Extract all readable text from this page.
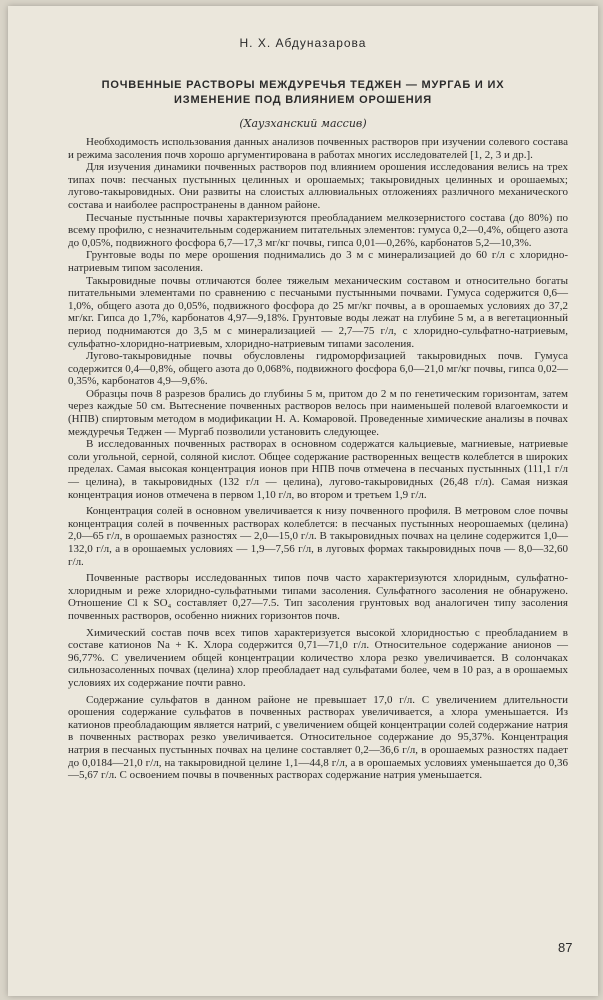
Н. Х. Абдуназарова
ПОЧВЕННЫЕ РАСТВОРЫ МЕЖДУРЕЧЬЯ ТЕДЖЕН — МУРГАБ И ИХ ИЗМЕНЕНИЕ ПОД ВЛИЯНИЕМ ОРОШЕНИЯ
(Хаузханский массив)

Необходимость использования данных анализов почвенных растворов при изучении солевого состава и режима засоления почв хорошо аргументирована в работах многих исследователей [1, 2, 3 и др.].

Для изучения динамики почвенных растворов под влиянием орошения исследования велись на трех типах почв: песчаных пустынных целинных и орошаемых; такыровидных целинных и орошаемых; лугово-такыровидных. Они развиты на слоистых аллювиальных отложениях различного механического состава и наиболее распространены в данном районе.

Песчаные пустынные почвы характеризуются преобладанием мелкозернистого состава (до 80%) по всему профилю, с незначительным содержанием питательных элементов: гумуса 0,2—0,4%, общего азота до 0,05%, подвижного фосфора 6,7—17,3 мг/кг почвы, гипса 0,01—0,26%, карбонатов 5,2—10,3%.

Грунтовые воды по мере орошения поднимались до 3 м с минерализацией до 60 г/л с хлоридно-натриевым типом засоления.

Такыровидные почвы отличаются более тяжелым механическим составом и относительно богаты питательными элементами по сравнению с песчаными пустынными почвами. Гумуса содержится 0,6—1,0%, общего азота до 0,05%, подвижного фосфора до 25 мг/кг почвы, а в орошаемых условиях до 37,2 мг/кг. Гипса до 1,7%, карбонатов 4,97—9,18%. Грунтовые воды лежат на глубине 5 м, а в вегетационный период поднимаются до 3,5 м с минерализацией — 2,7—75 г/л, с хлоридно-сульфатно-натриевым, сульфатно-хлоридно-натриевым, хлоридно-натриевым типами засоления.

Лугово-такыровидные почвы обусловлены гидроморфизацией такыровидных почв. Гумуса содержится 0,4—0,8%, общего азота до 0,068%, подвижного фосфора 6,0—21,0 мг/кг почвы, гипса 0,02—0,35%, карбонатов 4,9—9,6%.

Образцы почв 8 разрезов брались до глубины 5 м, притом до 2 м по генетическим горизонтам, затем через каждые 50 см. Вытеснение почвенных растворов велось при наименьшей полевой влагоемкости и (НПВ) спиртовым методом в модификации Н. А. Комаровой. Проведенные химические анализы в почвах междуречья Теджен — Мургаб позволили установить следующее.

В исследованных почвенных растворах в основном содержатся кальциевые, магниевые, натриевые соли угольной, серной, соляной кислот. Общее содержание растворенных веществ колеблется в широких пределах. Самая высокая концентрация ионов при НПВ почв отмечена в песчаных пустынных (111,1 г/л — целина), в такыровидных (132 г/л — целина), лугово-такыровидных (26,48 г/л). Самая низкая концентрация ионов отмечена в первом 1,10 г/л, во втором и третьем 1,9 г/л.

Концентрация солей в основном увеличивается к низу почвенного профиля. В метровом слое почвы концентрация солей в почвенных растворах колеблется: в песчаных пустынных неорошаемых (целина) 2,0—65 г/л, в орошаемых разностях — 2,0—15,0 г/л. В такыровидных почвах на целине содержится 1,0—132,0 г/л, а в орошаемых условиях — 1,9—7,56 г/л, в луговых формах такыровидных почв — 8,0—32,60 г/л.

Почвенные растворы исследованных типов почв часто характеризуются хлоридным, сульфатно-хлоридным и реже хлоридно-сульфатными типами засоления. Сульфатного засоления не обнаружено. Отношение Cl к SO₄ составляет 0,27—7.5. Тип засоления грунтовых вод аналогичен типу засоления почвенных растворов, особенно нижних горизонтов почв.

Химический состав почв всех типов характеризуется высокой хлоридностью с преобладанием в составе катионов Na + K. Хлора содержится 0,71—71,0 г/л. Относительное содержание анионов — 96,77%. С увеличением общей концентрации количество хлора резко увеличивается. В солончаках сильнозасоленных почвах (целина) хлор преобладает над сульфатами более, чем в 10 раз, а в орошаемых условиях их содержание почти равно.

Содержание сульфатов в данном районе не превышает 17,0 г/л. С увеличением длительности орошения содержание сульфатов в почвенных растворах увеличивается, а хлора уменьшается. Из катионов преобладающим является натрий, с увеличением общей концентрации солей содержание натрия в почвенных растворах резко увеличивается. Относительное содержание до 95,37%. Концентрация натрия в песчаных пустынных почвах на целине составляет 0,2—36,6 г/л, в орошаемых разностях падает до 0,0184—21,0 г/л, на такыровидной целине 1,1—44,8 г/л, а в орошаемых условиях уменьшается до 0,36—5,67 г/л. С освоением почвы в почвенных растворах содержание натрия уменьшается.

87
